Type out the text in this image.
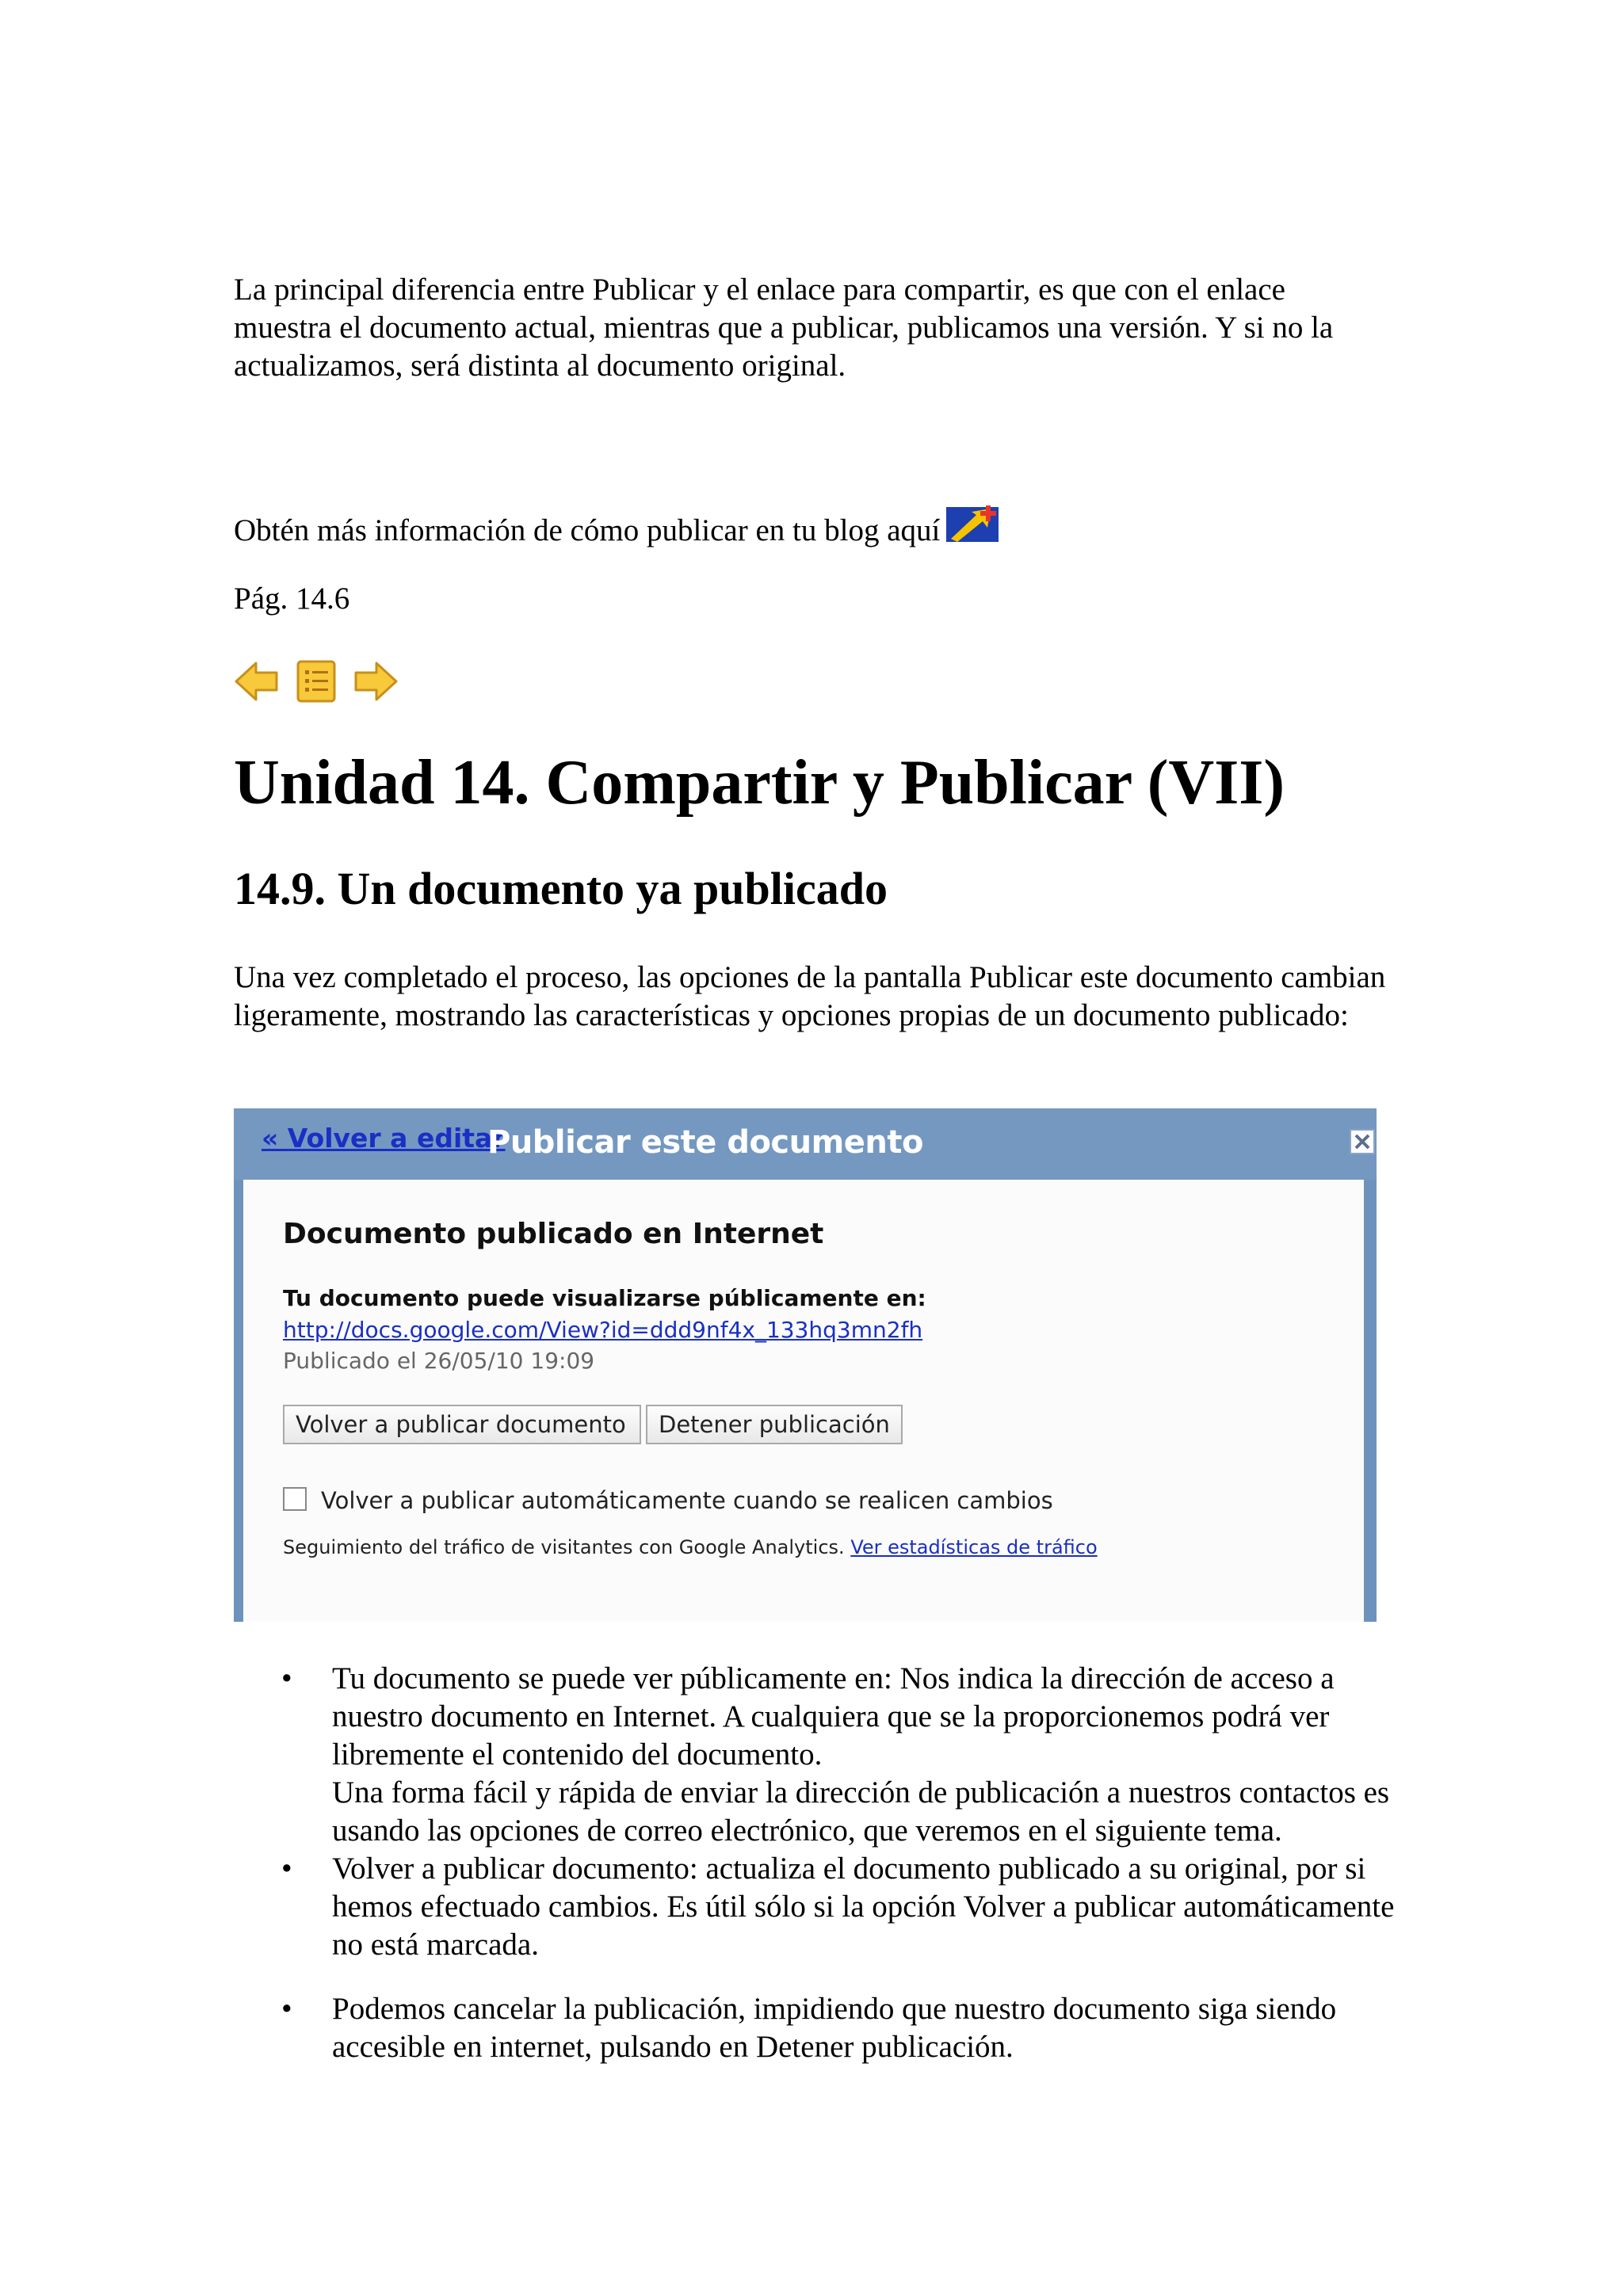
La principal diferencia entre Publicar y el enlace para compartir, es que con el enlace muestra el documento actual, mientras que a publicar, publicamos una versión. Y si no la actualizamos, será distinta al documento original.

Obtén más información de cómo publicar en tu blog aquí

Pág. 14.6

Unidad 14. Compartir y Publicar (VII)
14.9. Un documento ya publicado

Una vez completado el proceso, las opciones de la pantalla Publicar este documento cambian ligeramente, mostrando las características y opciones propias de un documento publicado:

« Volver a editar
Publicar este documento
Documento publicado en Internet
Tu documento puede visualizarse públicamente en: http://docs.google.com/View?id=ddd9nf4x_133hq3mn2fh
Publicado el 26/05/10 19:09
Volver a publicar documento	Detener publicación
Volver a publicar automáticamente cuando se realicen cambios
Seguimiento del tráfico de visitantes con Google Analytics. Ver estadísticas de tráfico
• Tu documento se puede ver públicamente en: Nos indica la dirección de acceso a nuestro documento en Internet. A cualquiera que se la proporcionemos podrá ver libremente el contenido del documento.
Una forma fácil y rápida de enviar la dirección de publicación a nuestros contactos es usando las opciones de correo electrónico, que veremos en el siguiente tema.
• Volver a publicar documento: actualiza el documento publicado a su original, por si hemos efectuado cambios. Es útil sólo si la opción Volver a publicar automáticamente no está marcada.
• Podemos cancelar la publicación, impidiendo que nuestro documento siga siendo accesible en internet, pulsando en Detener publicación.
